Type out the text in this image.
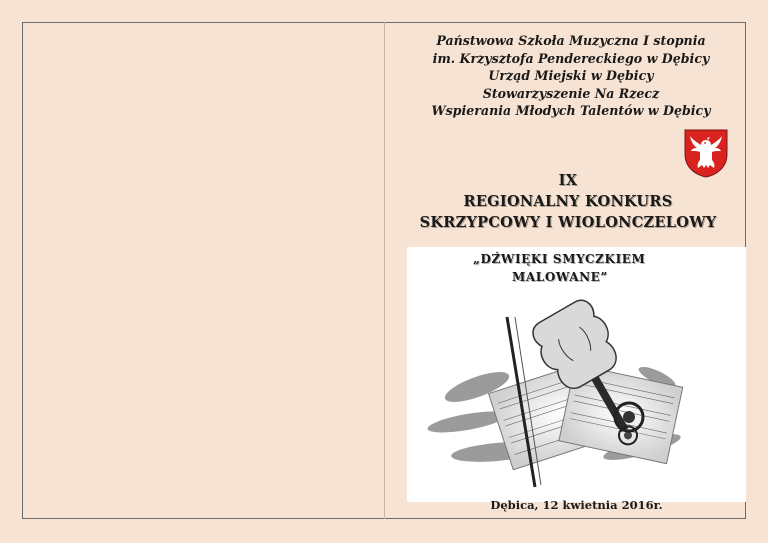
Państwowa Szkoła Muzyczna I stopnia
im. Krzysztofa Pendereckiego w Dębicy
Urząd Miejski w Dębicy
Stowarzyszenie Na Rzecz
Wspierania Młodych Talentów w Dębicy
IX
REGIONALNY KONKURS
SKRZYPCOWY I WIOLONCZELOWY
„DŹWIĘKI SMYCZKIEM
MALOWANE”
Dębica, 12 kwietnia 2016r.
